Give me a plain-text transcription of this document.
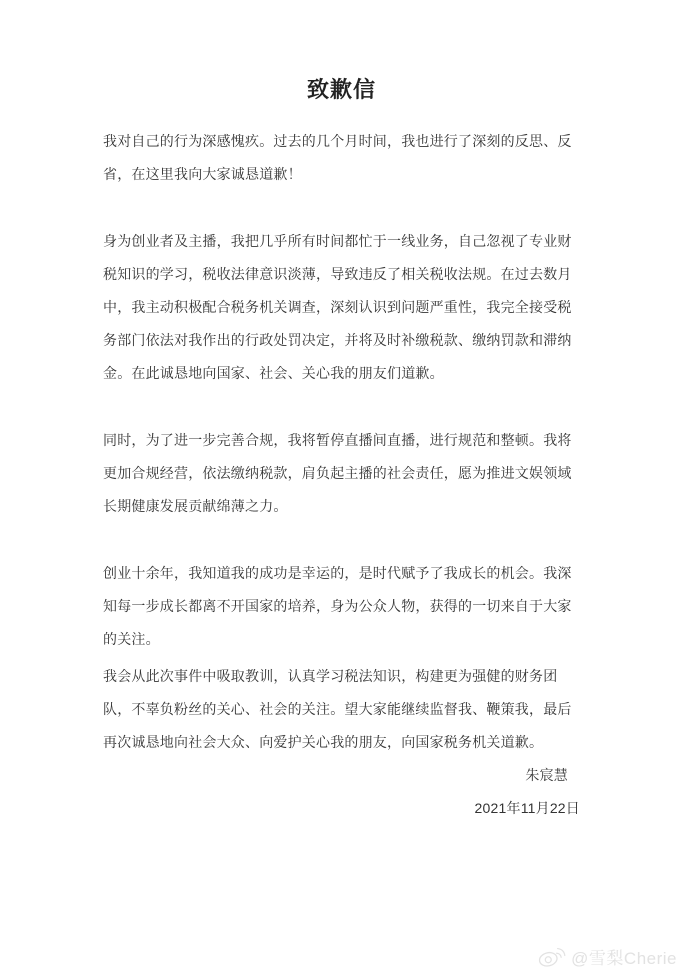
致歉信

我对自己的行为深感愧疚。过去的几个月时间，我也进行了深刻的反思、反省，在这里我向大家诚恳道歉！

身为创业者及主播，我把几乎所有时间都忙于一线业务，自己忽视了专业财税知识的学习，税收法律意识淡薄，导致违反了相关税收法规。在过去数月中，我主动积极配合税务机关调查，深刻认识到问题严重性，我完全接受税务部门依法对我作出的行政处罚决定，并将及时补缴税款、缴纳罚款和滞纳金。在此诚恳地向国家、社会、关心我的朋友们道歉。

同时，为了进一步完善合规，我将暂停直播间直播，进行规范和整顿。我将更加合规经营，依法缴纳税款，肩负起主播的社会责任，愿为推进文娱领域长期健康发展贡献绵薄之力。

创业十余年，我知道我的成功是幸运的，是时代赋予了我成长的机会。我深知每一步成长都离不开国家的培养，身为公众人物，获得的一切来自于大家的关注。

我会从此次事件中吸取教训，认真学习税法知识，构建更为强健的财务团队，不辜负粉丝的关心、社会的关注。望大家能继续监督我、鞭策我，最后再次诚恳地向社会大众、向爱护关心我的朋友，向国家税务机关道歉。

朱宸慧
2021年11月22日
@雪梨Cherie
